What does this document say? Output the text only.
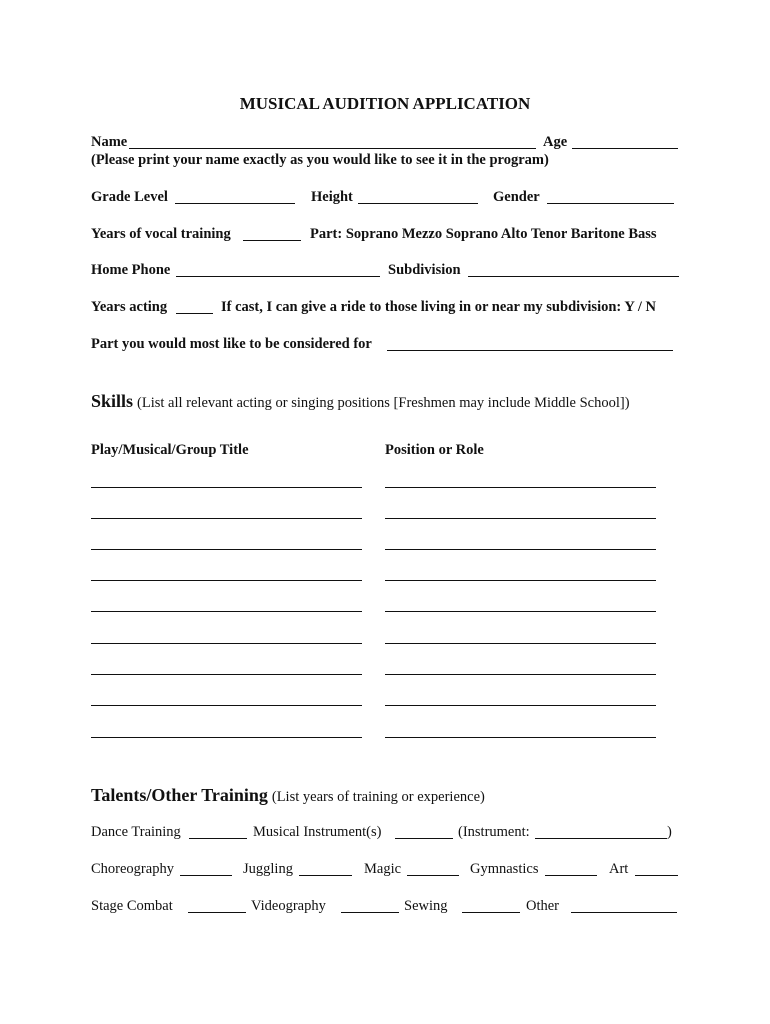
MUSICAL AUDITION APPLICATION
Name	Age
(Please print your name exactly as you would like to see it in the program)
Grade Level	Height	Gender
Years of vocal training	Part: Soprano Mezzo Soprano Alto Tenor Baritone Bass
Home Phone	Subdivision
Years acting	If cast, I can give a ride to those living in or near my subdivision: Y / N
Part you would most like to be considered for
Skills (List all relevant acting or singing positions [Freshmen may include Middle School])
Play/Musical/Group Title	Position or Role
Talents/Other Training (List years of training or experience)
Dance Training	Musical Instrument(s)	(Instrument:	)
Choreography	Juggling	Magic	Gymnastics	Art
Stage Combat	Videography	Sewing	Other
